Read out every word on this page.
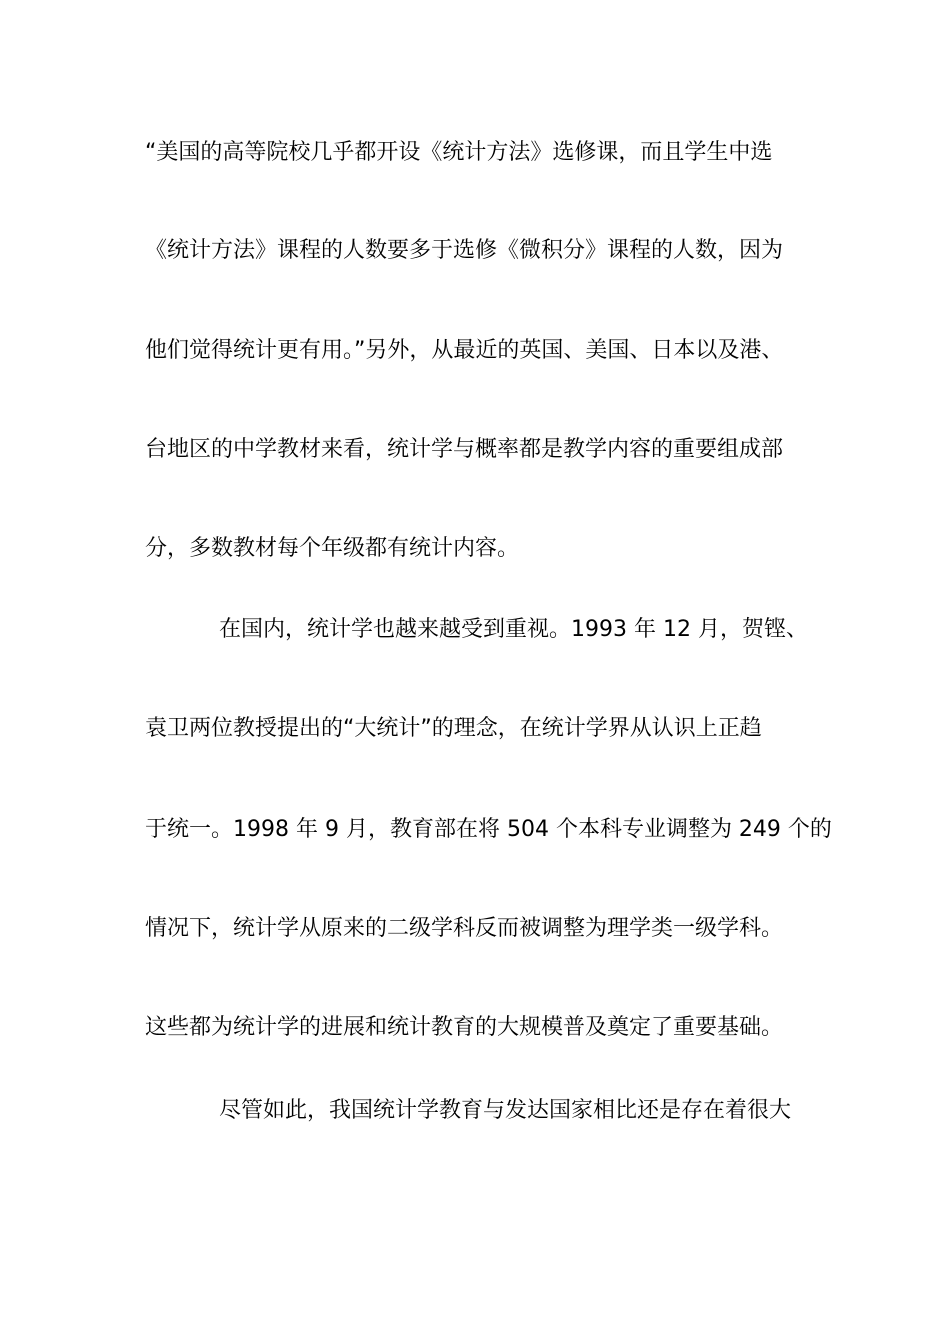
“美国的高等院校几乎都开设《统计方法》选修课，而且学生中选
《统计方法》课程的人数要多于选修《微积分》课程的人数，因为
他们觉得统计更有用。”另外，从最近的英国、美国、日本以及港、
台地区的中学教材来看，统计学与概率都是教学内容的重要组成部
分，多数教材每个年级都有统计内容。
在国内，统计学也越来越受到重视。1993 年 12 月，贺铿、
袁卫两位教授提出的“大统计”的理念，在统计学界从认识上正趋
于统一。1998 年 9 月，教育部在将 504 个本科专业调整为 249 个的
情况下，统计学从原来的二级学科反而被调整为理学类一级学科。
这些都为统计学的进展和统计教育的大规模普及奠定了重要基础。
尽管如此，我国统计学教育与发达国家相比还是存在着很大
